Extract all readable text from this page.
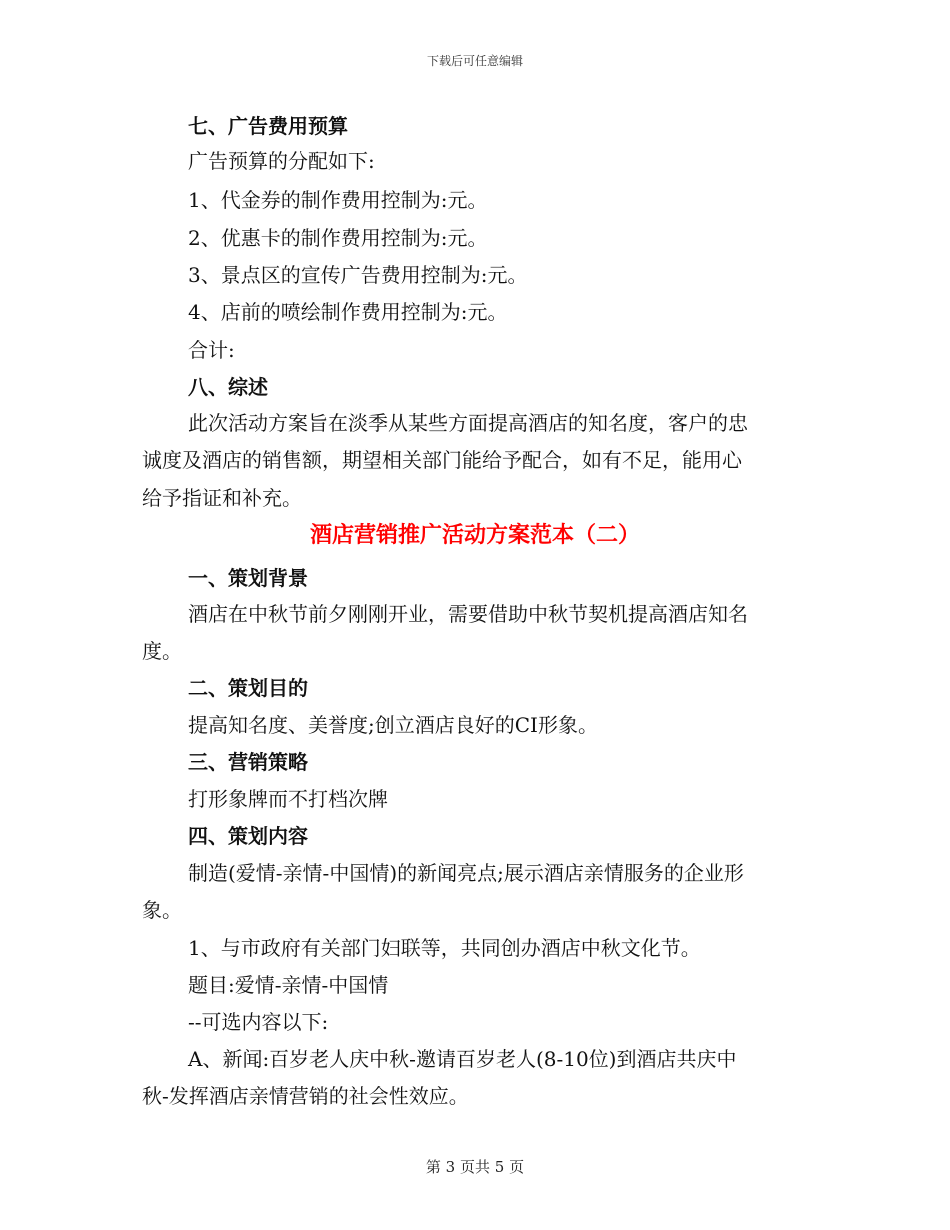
下载后可任意编辑
七、广告费用预算
广告预算的分配如下:
1、代金券的制作费用控制为:元。
2、优惠卡的制作费用控制为:元。
3、景点区的宣传广告费用控制为:元。
4、店前的喷绘制作费用控制为:元。
合计:
八、综述
此次活动方案旨在淡季从某些方面提高酒店的知名度，客户的忠
诚度及酒店的销售额，期望相关部门能给予配合，如有不足，能用心
给予指证和补充。
酒店营销推广活动方案范本（二）
一、策划背景
酒店在中秋节前夕刚刚开业，需要借助中秋节契机提高酒店知名
度。
二、策划目的
提高知名度、美誉度;创立酒店良好的CI形象。
三、营销策略
打形象牌而不打档次牌
四、策划内容
制造(爱情-亲情-中国情)的新闻亮点;展示酒店亲情服务的企业形
象。
1、与市政府有关部门妇联等，共同创办酒店中秋文化节。
题目:爱情-亲情-中国情
--可选内容以下:
A、新闻:百岁老人庆中秋-邀请百岁老人(8-10位)到酒店共庆中
秋-发挥酒店亲情营销的社会性效应。
第 3 页共 5 页
